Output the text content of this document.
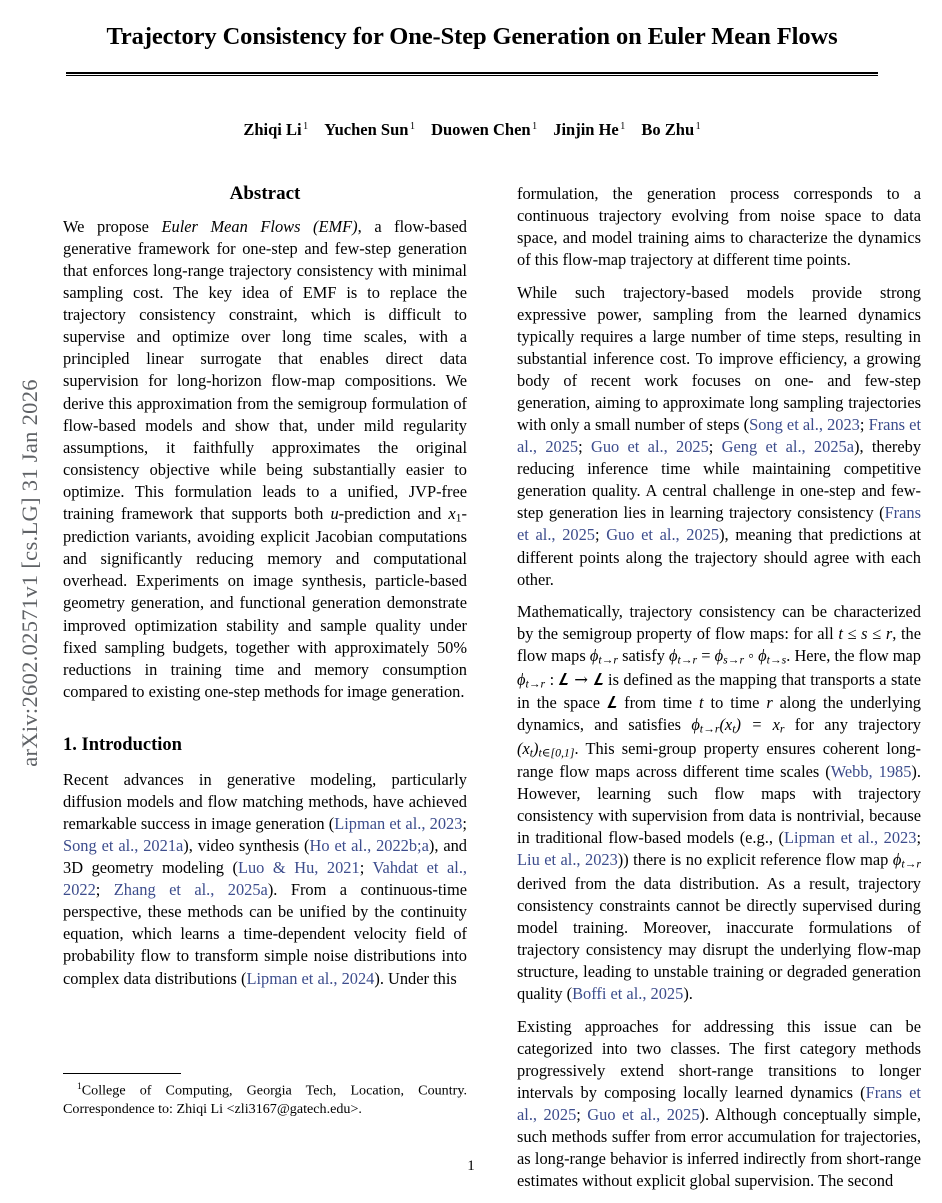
arXiv:2602.02571v1 [cs.LG] 31 Jan 2026
Trajectory Consistency for One-Step Generation on Euler Mean Flows
Zhiqi Li $^1$ Yuchen Sun $^1$ Duowen Chen $^1$ Jinjin He $^1$ Bo Zhu $^1$
Abstract

We propose Euler Mean Flows (EMF), a flow-based generative framework for one-step and few-step generation that enforces long-range trajectory consistency with minimal sampling cost. The key idea of EMF is to replace the trajectory consistency constraint, which is difficult to supervise and optimize over long time scales, with a principled linear surrogate that enables direct data supervision for long-horizon flow-map compositions. We derive this approximation from the semigroup formulation of flow-based models and show that, under mild regularity assumptions, it faithfully approximates the original consistency objective while being substantially easier to optimize. This formulation leads to a unified, JVP-free training framework that supports both u-prediction and x1-prediction variants, avoiding explicit Jacobian computations and significantly reducing memory and computational overhead. Experiments on image synthesis, particle-based geometry generation, and functional generation demonstrate improved optimization stability and sample quality under fixed sampling budgets, together with approximately 50% reductions in training time and memory consumption compared to existing one-step methods for image generation.

1. Introduction

Recent advances in generative modeling, particularly diffusion models and flow matching methods, have achieved remarkable success in image generation (Lipman et al., 2023; Song et al., 2021a), video synthesis (Ho et al., 2022b;a), and 3D geometry modeling (Luo & Hu, 2021; Vahdat et al., 2022; Zhang et al., 2025a). From a continuous-time perspective, these methods can be unified by the continuity equation, which learns a time-dependent velocity field of probability flow to transform simple noise distributions into complex data distributions (Lipman et al., 2024). Under this

formulation, the generation process corresponds to a continuous trajectory evolving from noise space to data space, and model training aims to characterize the dynamics of this flow-map trajectory at different time points.

While such trajectory-based models provide strong expressive power, sampling from the learned dynamics typically requires a large number of time steps, resulting in substantial inference cost. To improve efficiency, a growing body of recent work focuses on one- and few-step generation, aiming to approximate long sampling trajectories with only a small number of steps (Song et al., 2023; Frans et al., 2025; Guo et al., 2025; Geng et al., 2025a), thereby reducing inference time while maintaining competitive generation quality. A central challenge in one-step and few-step generation lies in learning trajectory consistency (Frans et al., 2025; Guo et al., 2025), meaning that predictions at different points along the trajectory should agree with each other.

Mathematically, trajectory consistency can be characterized by the semigroup property of flow maps: for all t ≤ s ≤ r, the flow maps ϕt→r satisfy ϕt→r = ϕs→r ◦ ϕt→s. Here, the flow map ϕt→r : 𝑳 → 𝑳 is defined as the mapping that transports a state in the space 𝑳 from time t to time r along the underlying dynamics, and satisfies ϕt→r(xt) = xr for any trajectory (xt)t∈[0,1]. This semi-group property ensures coherent long-range flow maps across different time scales (Webb, 1985). However, learning such flow maps with trajectory consistency with supervision from data is nontrivial, because in traditional flow-based models (e.g., (Lipman et al., 2023; Liu et al., 2023)) there is no explicit reference flow map ϕt→r derived from the data distribution. As a result, trajectory consistency constraints cannot be directly supervised during model training. Moreover, inaccurate formulations of trajectory consistency may disrupt the underlying flow-map structure, leading to unstable training or degraded generation quality (Boffi et al., 2025).

Existing approaches for addressing this issue can be categorized into two classes. The first category methods progressively extend short-range transitions to longer intervals by composing locally learned dynamics (Frans et al., 2025; Guo et al., 2025). Although conceptually simple, such methods suffer from error accumulation for trajectories, as long-range behavior is inferred indirectly from short-range estimates without explicit global supervision. The second

$^1$College of Computing, Georgia Tech, Location, Country. Correspondence to: Zhiqi Li <zli3167@gatech.edu>.

1
